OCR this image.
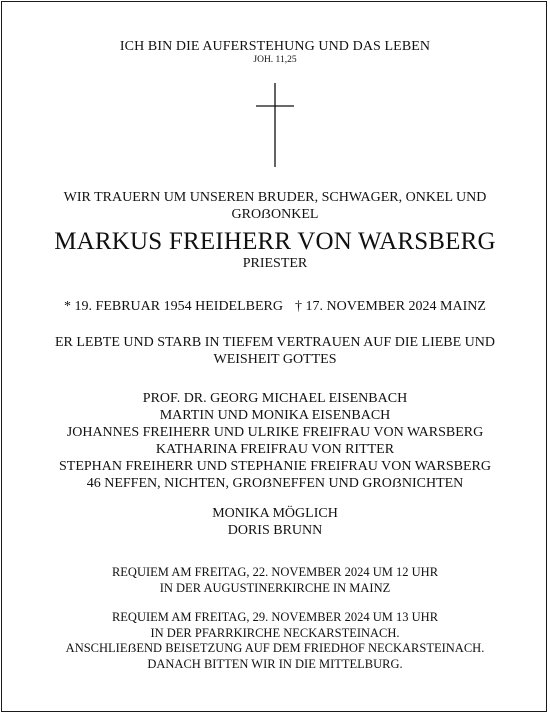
ICH BIN DIE AUFERSTEHUNG UND DAS LEBEN
JOH. 11,25
WIR TRAUERN UM UNSEREN BRUDER, SCHWAGER, ONKEL UND
GROẞONKEL
MARKUS FREIHERR VON WARSBERG
PRIESTER
* 19. FEBRUAR 1954 HEIDELBERG † 17. NOVEMBER 2024 MAINZ
ER LEBTE UND STARB IN TIEFEM VERTRAUEN AUF DIE LIEBE UND
WEISHEIT GOTTES
PROF. DR. GEORG MICHAEL EISENBACH
MARTIN UND MONIKA EISENBACH
JOHANNES FREIHERR UND ULRIKE FREIFRAU VON WARSBERG
KATHARINA FREIFRAU VON RITTER
STEPHAN FREIHERR UND STEPHANIE FREIFRAU VON WARSBERG
46 NEFFEN, NICHTEN, GROẞNEFFEN UND GROẞNICHTEN
MONIKA MÖGLICH
DORIS BRUNN
REQUIEM AM FREITAG, 22. NOVEMBER 2024 UM 12 UHR
IN DER AUGUSTINERKIRCHE IN MAINZ
REQUIEM AM FREITAG, 29. NOVEMBER 2024 UM 13 UHR
IN DER PFARRKIRCHE NECKARSTEINACH.
ANSCHLIEẞEND BEISETZUNG AUF DEM FRIEDHOF NECKARSTEINACH.
DANACH BITTEN WIR IN DIE MITTELBURG.
